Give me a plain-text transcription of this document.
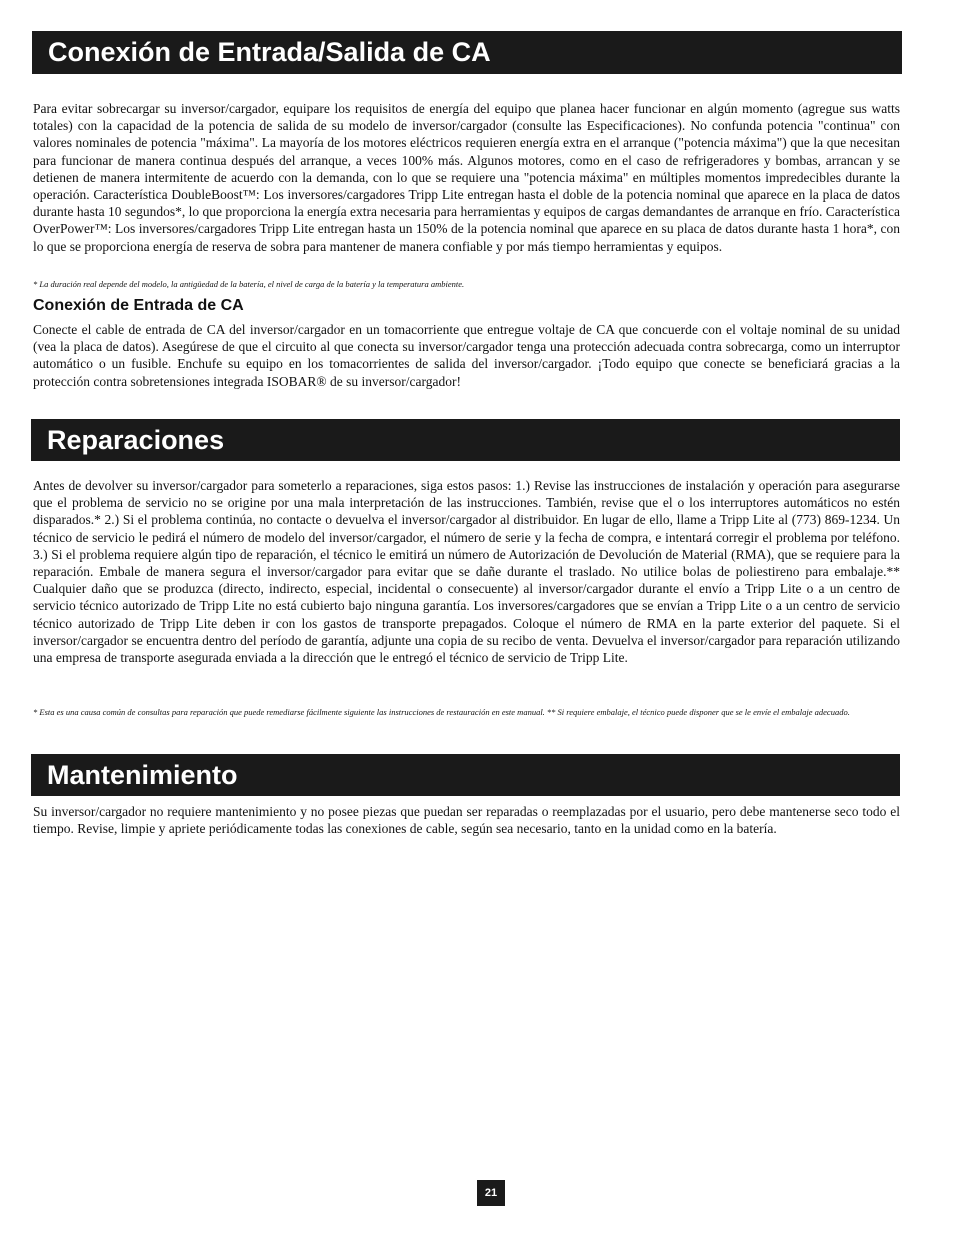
Conexión de Entrada/Salida de CA

Para evitar sobrecargar su inversor/cargador, equipare los requisitos de energía del equipo que planea hacer funcionar en algún momento (agregue sus watts totales) con la capacidad de la potencia de salida de su modelo de inversor/cargador (consulte las Especificaciones). No confunda potencia "continua" con valores nominales de potencia "máxima". La mayoría de los motores eléctricos requieren energía extra en el arranque ("potencia máxima") que la que necesitan para funcionar de manera continua después del arranque, a veces 100% más. Algunos motores, como en el caso de refrigeradores y bombas, arrancan y se detienen de manera intermitente de acuerdo con la demanda, con lo que se requiere una "potencia máxima" en múltiples momentos impredecibles durante la operación. Característica DoubleBoost™: Los inversores/cargadores Tripp Lite entregan hasta el doble de la potencia nominal que aparece en la placa de datos durante hasta 10 segundos*, lo que proporciona la energía extra necesaria para herramientas y equipos de cargas demandantes de arranque en frío. Característica OverPower™: Los inversores/cargadores Tripp Lite entregan hasta un 150% de la potencia nominal que aparece en su placa de datos durante hasta 1 hora*, con lo que se proporciona energía de reserva de sobra para mantener de manera confiable y por más tiempo herramientas y equipos.

* La duración real depende del modelo, la antigüedad de la batería, el nivel de carga de la batería y la temperatura ambiente.

Conexión de Entrada de CA

Conecte el cable de entrada de CA del inversor/cargador en un tomacorriente que entregue voltaje de CA que concuerde con el voltaje nominal de su unidad (vea la placa de datos). Asegúrese de que el circuito al que conecta su inversor/cargador tenga una protección adecuada contra sobrecarga, como un interruptor automático o un fusible. Enchufe su equipo en los tomacorrientes de salida del inversor/cargador. ¡Todo equipo que conecte se beneficiará gracias a la protección contra sobretensiones integrada ISOBAR® de su inversor/cargador!

Reparaciones

Antes de devolver su inversor/cargador para someterlo a reparaciones, siga estos pasos: 1.) Revise las instrucciones de instalación y operación para asegurarse que el problema de servicio no se origine por una mala interpretación de las instrucciones. También, revise que el o los interruptores automáticos no estén disparados.* 2.) Si el problema continúa, no contacte o devuelva el inversor/cargador al distribuidor. En lugar de ello, llame a Tripp Lite al (773) 869-1234. Un técnico de servicio le pedirá el número de modelo del inversor/cargador, el número de serie y la fecha de compra, e intentará corregir el problema por teléfono. 3.) Si el problema requiere algún tipo de reparación, el técnico le emitirá un número de Autorización de Devolución de Material (RMA), que se requiere para la reparación. Embale de manera segura el inversor/cargador para evitar que se dañe durante el traslado. No utilice bolas de poliestireno para embalaje.** Cualquier daño que se produzca (directo, indirecto, especial, incidental o consecuente) al inversor/cargador durante el envío a Tripp Lite o a un centro de servicio técnico autorizado de Tripp Lite no está cubierto bajo ninguna garantía. Los inversores/cargadores que se envían a Tripp Lite o a un centro de servicio técnico autorizado de Tripp Lite deben ir con los gastos de transporte prepagados. Coloque el número de RMA en la parte exterior del paquete. Si el inversor/cargador se encuentra dentro del período de garantía, adjunte una copia de su recibo de venta. Devuelva el inversor/cargador para reparación utilizando una empresa de transporte asegurada enviada a la dirección que le entregó el técnico de servicio de Tripp Lite.

* Esta es una causa común de consultas para reparación que puede remediarse fácilmente siguiente las instrucciones de restauración en este manual. ** Si requiere embalaje, el técnico puede disponer que se le envíe el embalaje adecuado.

Mantenimiento

Su inversor/cargador no requiere mantenimiento y no posee piezas que puedan ser reparadas o reemplazadas por el usuario, pero debe mantenerse seco todo el tiempo. Revise, limpie y apriete periódicamente todas las conexiones de cable, según sea necesario, tanto en la unidad como en la batería.

21
